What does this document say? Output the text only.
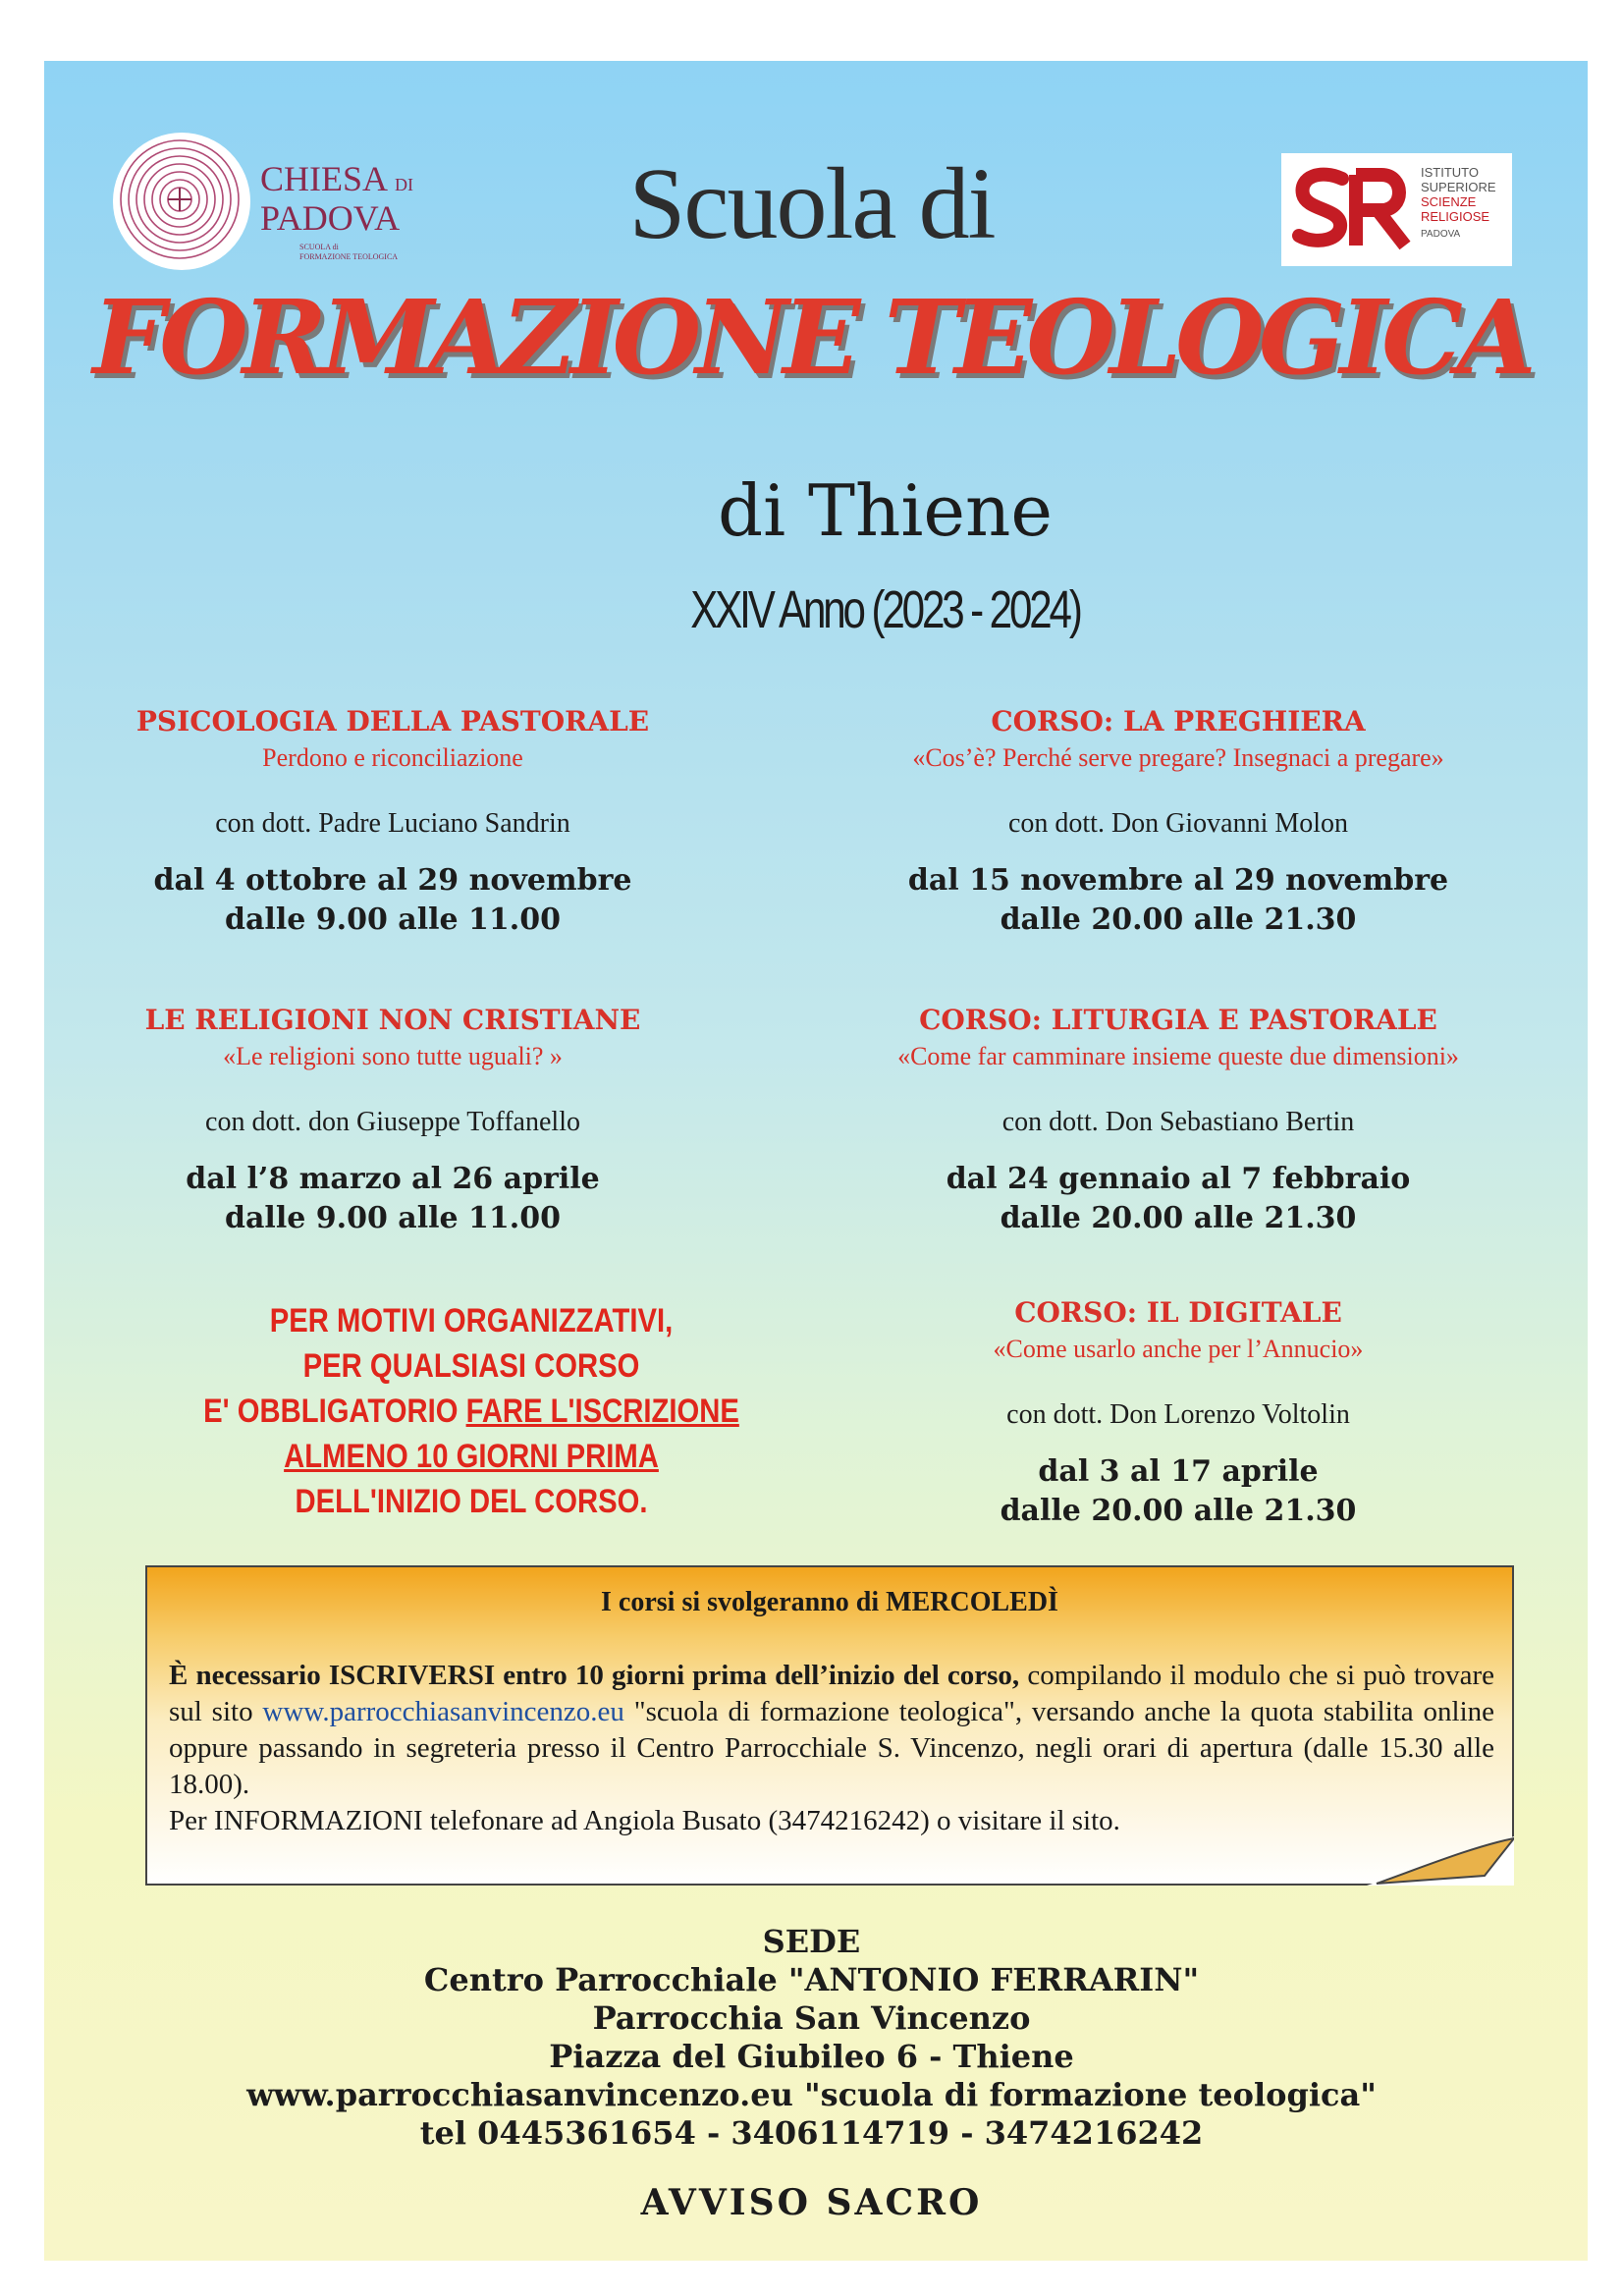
CHIESA DI
PADOVA
SCUOLA di
FORMAZIONE TEOLOGICA
ISTITUTO
SUPERIORE
SCIENZE
RELIGIOSE
PADOVA
Scuola di
FORMAZIONE TEOLOGICA
di Thiene
XXIV Anno (2023 - 2024)
PSICOLOGIA DELLA PASTORALE
Perdono e riconciliazione
con dott. Padre Luciano Sandrin
dal 4 ottobre al 29 novembre
dalle 9.00 alle 11.00
CORSO: LA PREGHIERA
«Cos’è? Perché serve pregare? Insegnaci a pregare»
con dott. Don Giovanni Molon
dal 15 novembre al 29 novembre
dalle 20.00 alle 21.30
LE RELIGIONI NON CRISTIANE
«Le religioni sono tutte uguali? »
con dott. don Giuseppe Toffanello
dal l’8 marzo al 26 aprile
dalle 9.00 alle 11.00
CORSO: LITURGIA E PASTORALE
«Come far camminare insieme queste due dimensioni»
con dott. Don Sebastiano Bertin
dal 24 gennaio al 7 febbraio
dalle 20.00 alle 21.30
CORSO: IL DIGITALE
«Come usarlo anche per l’Annucio»
con dott. Don Lorenzo Voltolin
dal 3 al 17 aprile
dalle 20.00 alle 21.30
PER MOTIVI ORGANIZZATIVI,
PER QUALSIASI CORSO
E' OBBLIGATORIO FARE L'ISCRIZIONE
ALMENO 10 GIORNI PRIMA
DELL'INIZIO DEL CORSO.
I corsi si svolgeranno di MERCOLEDÌ
È necessario ISCRIVERSI entro 10 giorni prima dell’inizio del corso, compilando il modulo che si può trovare sul sito www.parrocchiasanvincenzo.eu "scuola di formazione teologica", versando anche la quota stabilita online oppure passando in segreteria presso il Centro Parrocchiale S. Vincenzo, negli orari di apertura (dalle 15.30 alle 18.00).
Per INFORMAZIONI telefonare ad Angiola Busato (3474216242) o visitare il sito.
SEDE
Centro Parrocchiale "ANTONIO FERRARIN"
Parrocchia San Vincenzo
Piazza del Giubileo 6 - Thiene
www.parrocchiasanvincenzo.eu "scuola di formazione teologica"
tel 0445361654 - 3406114719 - 3474216242
AVVISO SACRO
